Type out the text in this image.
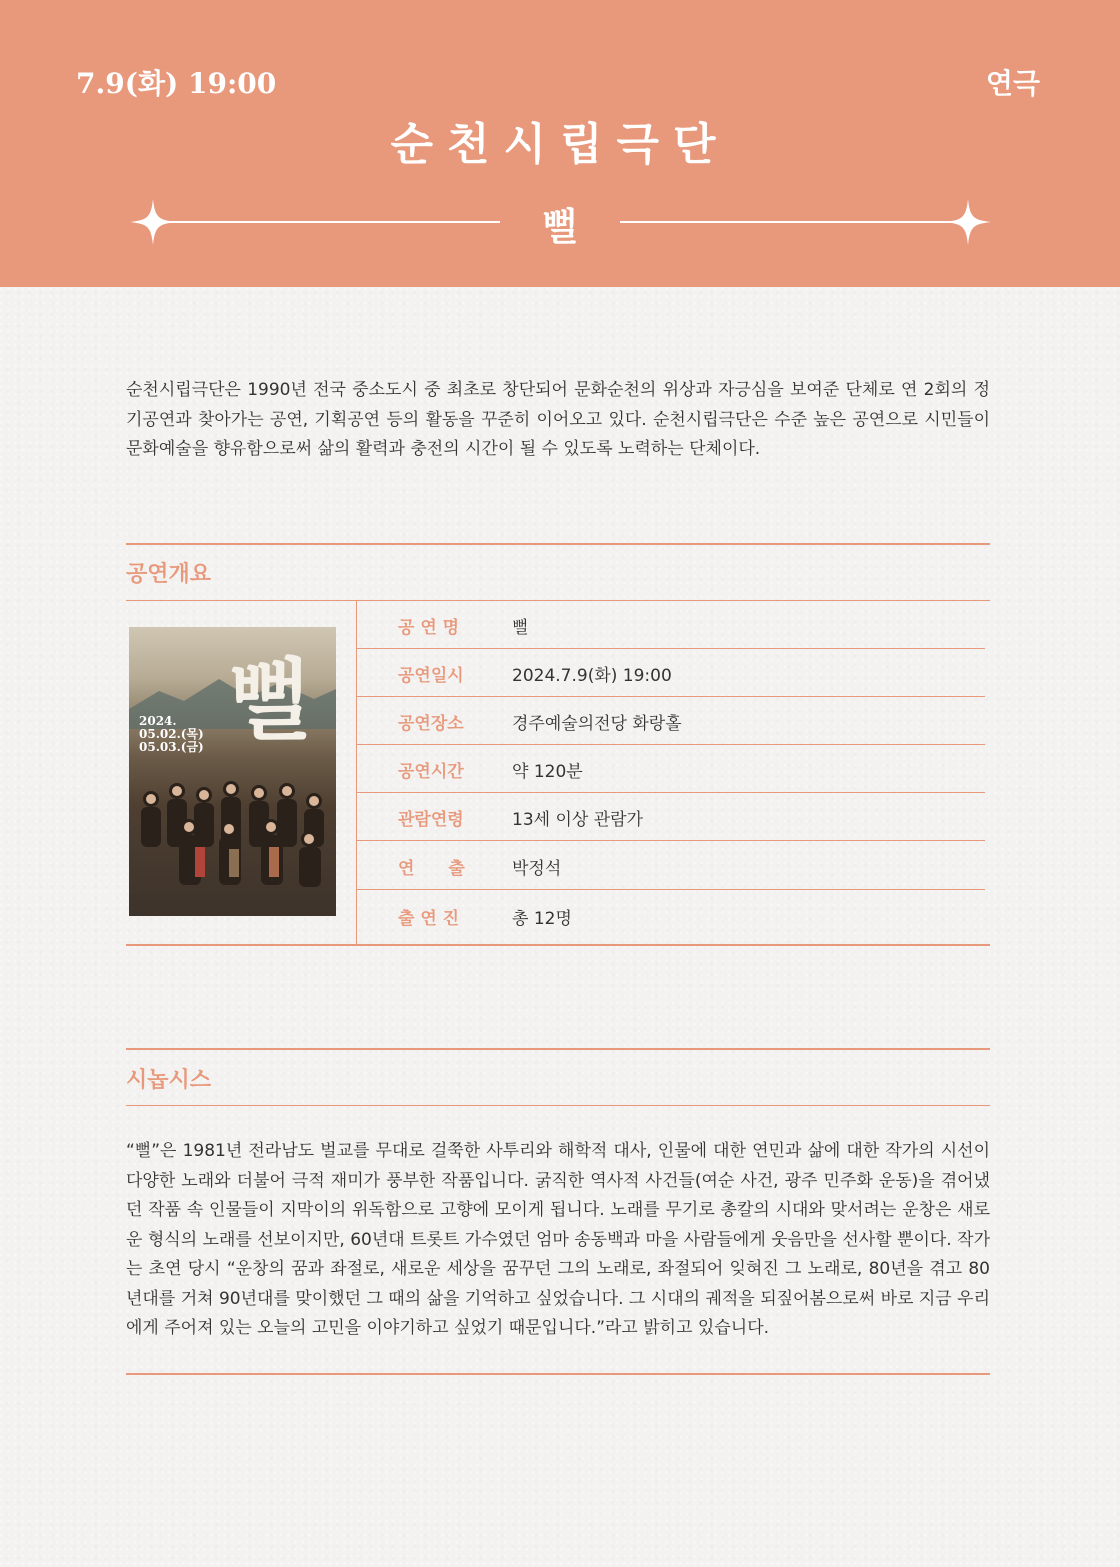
7.9(화) 19:00	연극
순천시립극단
뻘
순천시립극단은 1990년 전국 중소도시 중 최초로 창단되어 문화순천의 위상과 자긍심을 보여준 단체로 연 2회의 정기공연과 찾아가는 공연, 기획공연 등의 활동을 꾸준히 이어오고 있다. 순천시립극단은 수준 높은 공연으로 시민들이 문화예술을 향유함으로써 삶의 활력과 충전의 시간이 될 수 있도록 노력하는 단체이다.
공연개요
뻘
2024.
05.02.(목)
05.03.(금)
공 연 명	뻘
공연일시	2024.7.9(화) 19:00
공연장소	경주예술의전당 화랑홀
공연시간	약 120분
관람연령	13세 이상 관람가
연　　출	박정석
출 연 진	총 12명
시놉시스
“뻘”은 1981년 전라남도 벌교를 무대로 걸쭉한 사투리와 해학적 대사, 인물에 대한 연민과 삶에 대한 작가의 시선이 다양한 노래와 더불어 극적 재미가 풍부한 작품입니다. 굵직한 역사적 사건들(여순 사건, 광주 민주화 운동)을 겪어냈던 작품 속 인물들이 지막이의 위독함으로 고향에 모이게 됩니다. 노래를 무기로 총칼의 시대와 맞서려는 운창은 새로운 형식의 노래를 선보이지만, 60년대 트롯트 가수였던 엄마 송동백과 마을 사람들에게 웃음만을 선사할 뿐이다. 작가는 초연 당시 “운창의 꿈과 좌절로, 새로운 세상을 꿈꾸던 그의 노래로, 좌절되어 잊혀진 그 노래로, 80년을 겪고 80년대를 거쳐 90년대를 맞이했던 그 때의 삶을 기억하고 싶었습니다. 그 시대의 궤적을 되짚어봄으로써 바로 지금 우리에게 주어져 있는 오늘의 고민을 이야기하고 싶었기 때문입니다.”라고 밝히고 있습니다.
